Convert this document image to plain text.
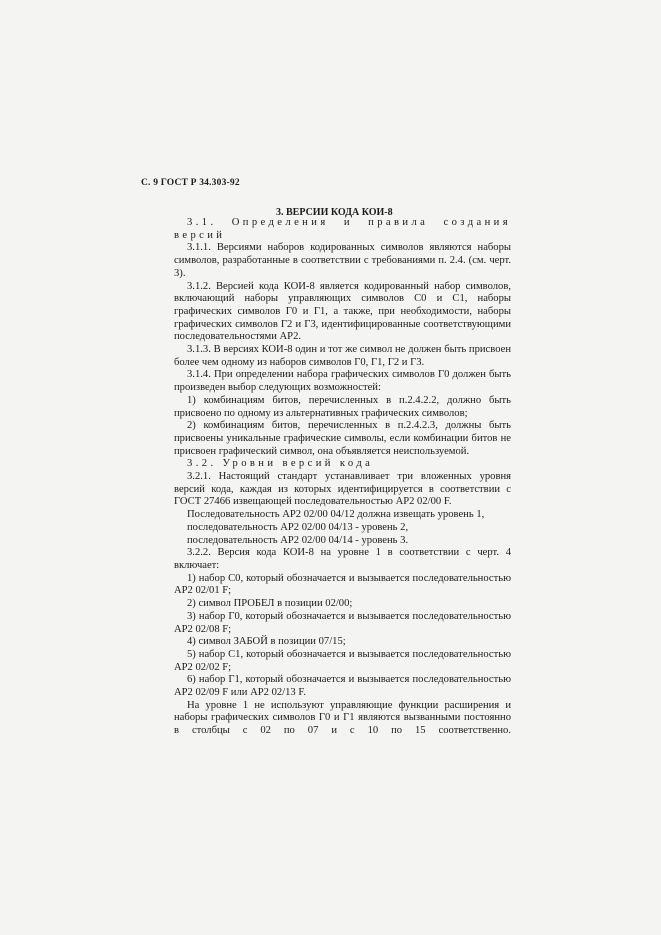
С. 9 ГОСТ Р 34.303-92
3. ВЕРСИИ КОДА КОИ-8

3.1. Определения и правила создания версий

3.1.1. Версиями наборов кодированных символов являются наборы символов, разработанные в соответствии с требованиями п. 2.4. (см. черт. 3).

3.1.2. Версией кода КОИ-8 является кодированный набор символов, включающий наборы управляющих символов С0 и С1, наборы графических символов Г0 и Г1, а также, при необходимости, наборы графических символов Г2 и Г3, идентифицированные соответствующими последовательностями АР2.

3.1.3. В версиях КОИ-8 один и тот же символ не должен быть присвоен более чем одному из наборов символов Г0, Г1, Г2 и Г3.

3.1.4. При определении набора графических символов Г0 должен быть произведен выбор следующих возможностей:

1) комбинациям битов, перечисленных в п.2.4.2.2, должно быть присвоено по одному из альтернативных графических символов;

2) комбинациям битов, перечисленных в п.2.4.2.3, должны быть присвоены уникальные графические символы, если комбинации битов не присвоен графический символ, она объявляется неиспользуемой.

3.2. Уровни версий кода

3.2.1. Настоящий стандарт устанавливает три вложенных уровня версий кода, каждая из которых идентифицируется в соответствии с ГОСТ 27466 извещающей последовательностью АР2 02/00 F.

Последовательность АР2 02/00 04/12 должна извещать уровень 1,

последовательность АР2 02/00 04/13 - уровень 2,

последовательность АР2 02/00 04/14 - уровень 3.

3.2.2. Версия кода КОИ-8 на уровне 1 в соответствии с черт. 4 включает:

1) набор С0, который обозначается и вызывается последовательностью АР2 02/01 F;

2) символ ПРОБЕЛ в позиции 02/00;

3) набор Г0, который обозначается и вызывается последовательностью АР2 02/08 F;

4) символ ЗАБОЙ в позиции 07/15;

5) набор С1, который обозначается и вызывается последовательностью АР2 02/02 F;

6) набор Г1, который обозначается и вызывается последовательностью АР2 02/09 F или АР2 02/13 F.

На уровне 1 не используют управляющие функции расширения и наборы графических символов Г0 и Г1 являются вызванными постоянно в столбцы с 02 по 07 и с 10 по 15 соответственно.
